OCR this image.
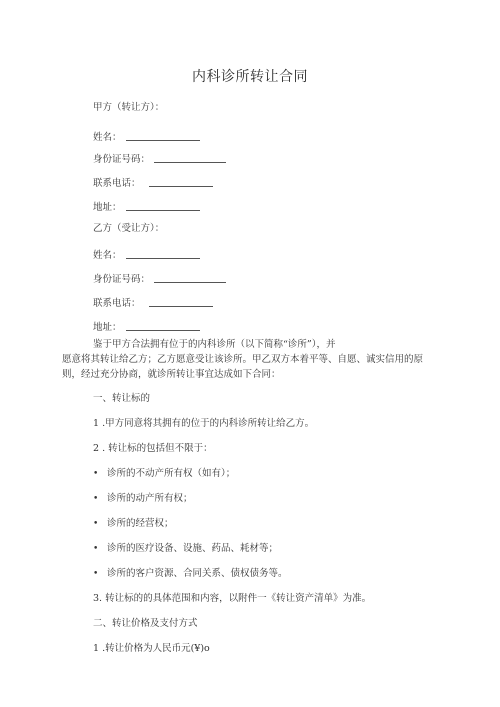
内科诊所转让合同
甲方（转让方）：
姓名：
身份证号码：
联系电话：
地址：
乙方（受让方）：
姓名：
身份证号码：
联系电话：
地址：
鉴于甲方合法拥有位于的内科诊所（以下简称“诊所”），并
愿意将其转让给乙方；乙方愿意受让该诊所。甲乙双方本着平等、自愿、诚实信用的原
则，经过充分协商，就诊所转让事宜达成如下合同：
一、转让标的
1 .甲方同意将其拥有的位于的内科诊所转让给乙方。
2 . 转让标的包括但不限于：
• 诊所的不动产所有权（如有）；
• 诊所的动产所有权；
• 诊所的经营权；
• 诊所的医疗设备、设施、药品、耗材等；
• 诊所的客户资源、合同关系、债权债务等。
3. 转让标的的具体范围和内容，以附件一《转让资产清单》为准。
二、转让价格及支付方式
1 .转让价格为人民币元(¥)o
